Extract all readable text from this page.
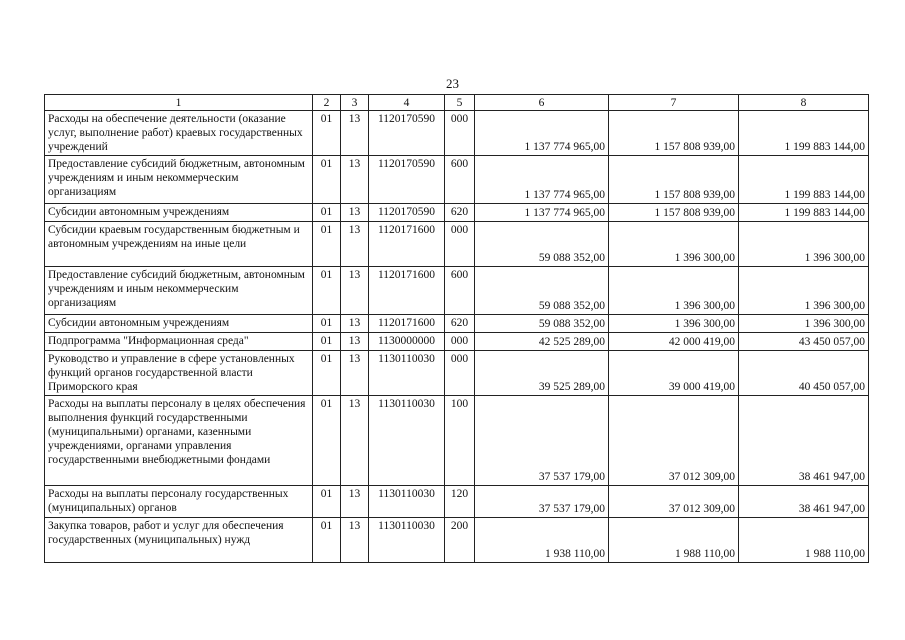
23
1	2	3	4	5	6	7	8
Расходы на обеспечение деятельности (оказание услуг, выполнение работ) краевых государственных учреждений	01	13	1120170590	000	1 137 774 965,00	1 157 808 939,00	1 199 883 144,00
Предоставление субсидий бюджетным, автономным учреждениям и иным некоммерческим организациям	01	13	1120170590	600	1 137 774 965,00	1 157 808 939,00	1 199 883 144,00
Субсидии автономным учреждениям	01	13	1120170590	620	1 137 774 965,00	1 157 808 939,00	1 199 883 144,00
Субсидии краевым государственным бюджетным и автономным учреждениям на иные цели	01	13	1120171600	000	59 088 352,00	1 396 300,00	1 396 300,00
Предоставление субсидий бюджетным, автономным учреждениям и иным некоммерческим организациям	01	13	1120171600	600	59 088 352,00	1 396 300,00	1 396 300,00
Субсидии автономным учреждениям	01	13	1120171600	620	59 088 352,00	1 396 300,00	1 396 300,00
Подпрограмма "Информационная среда"	01	13	1130000000	000	42 525 289,00	42 000 419,00	43 450 057,00
Руководство и управление в сфере установленных функций органов государственной власти Приморского края	01	13	1130110030	000	39 525 289,00	39 000 419,00	40 450 057,00
Расходы на выплаты персоналу в целях обеспечения выполнения функций государственными (муниципальными) органами, казенными учреждениями, органами управления государственными внебюджетными фондами	01	13	1130110030	100	37 537 179,00	37 012 309,00	38 461 947,00
Расходы на выплаты персоналу государственных (муниципальных) органов	01	13	1130110030	120	37 537 179,00	37 012 309,00	38 461 947,00
Закупка товаров, работ и услуг для обеспечения государственных (муниципальных) нужд	01	13	1130110030	200	1 938 110,00	1 988 110,00	1 988 110,00
